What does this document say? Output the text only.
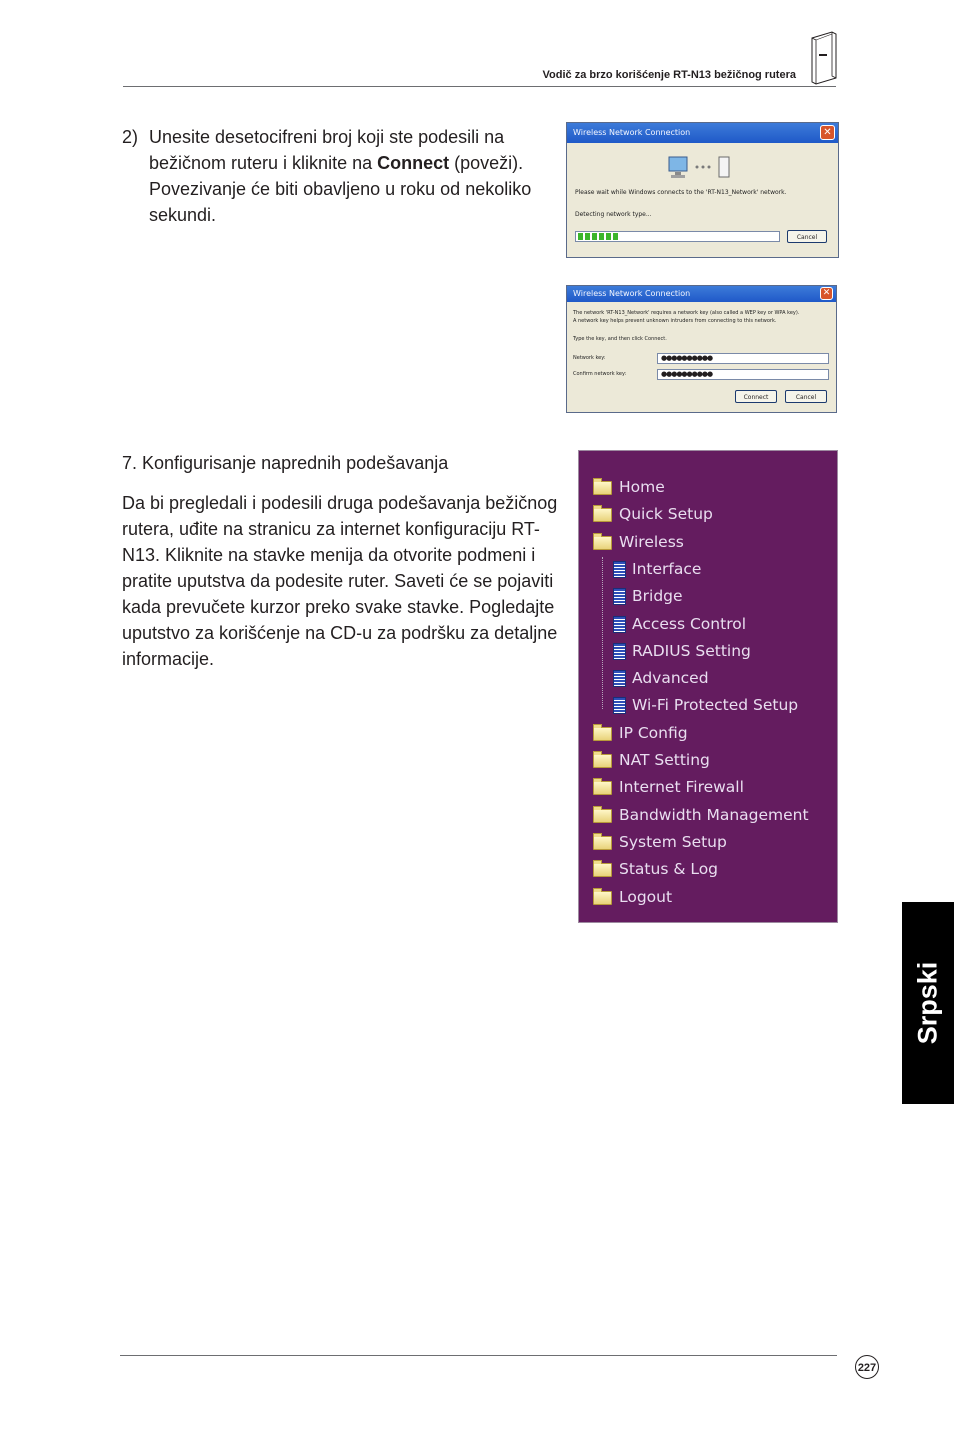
Vodič za brzo korišćenje RT-N13 bežičnog rutera
2) Unesite desetocifreni broj koji ste podesili na bežičnom ruteru i kliknite na Connect (poveži). Povezivanje će biti obavljeno u roku od nekoliko sekundi.
Wireless Network Connection	✕
Please wait while Windows connects to the 'RT-N13_Network' network.
Detecting network type...
Cancel
Wireless Network Connection	✕
The network 'RT-N13_Network' requires a network key (also called a WEP key or WPA key).
A network key helps prevent unknown intruders from connecting to this network.
Type the key, and then click Connect.
Network key:	●●●●●●●●●●
Confirm network key:	●●●●●●●●●●
Connect	Cancel
7. Konfigurisanje naprednih podešavanja
Da bi pregledali i podesili druga podešavanja bežičnog rutera, uđite na stranicu za internet konfiguraciju RT-N13. Kliknite na stavke menija da otvorite podmeni i pratite uputstva da podesite ruter. Saveti će se pojaviti kada prevučete kurzor preko svake stavke. Pogledajte uputstvo za korišćenje na CD-u za podršku za detaljne informacije.
Home
Quick Setup
Wireless
Interface
Bridge
Access Control
RADIUS Setting
Advanced
Wi-Fi Protected Setup
IP Config
NAT Setting
Internet Firewall
Bandwidth Management
System Setup
Status & Log
Logout
Srpski
227
